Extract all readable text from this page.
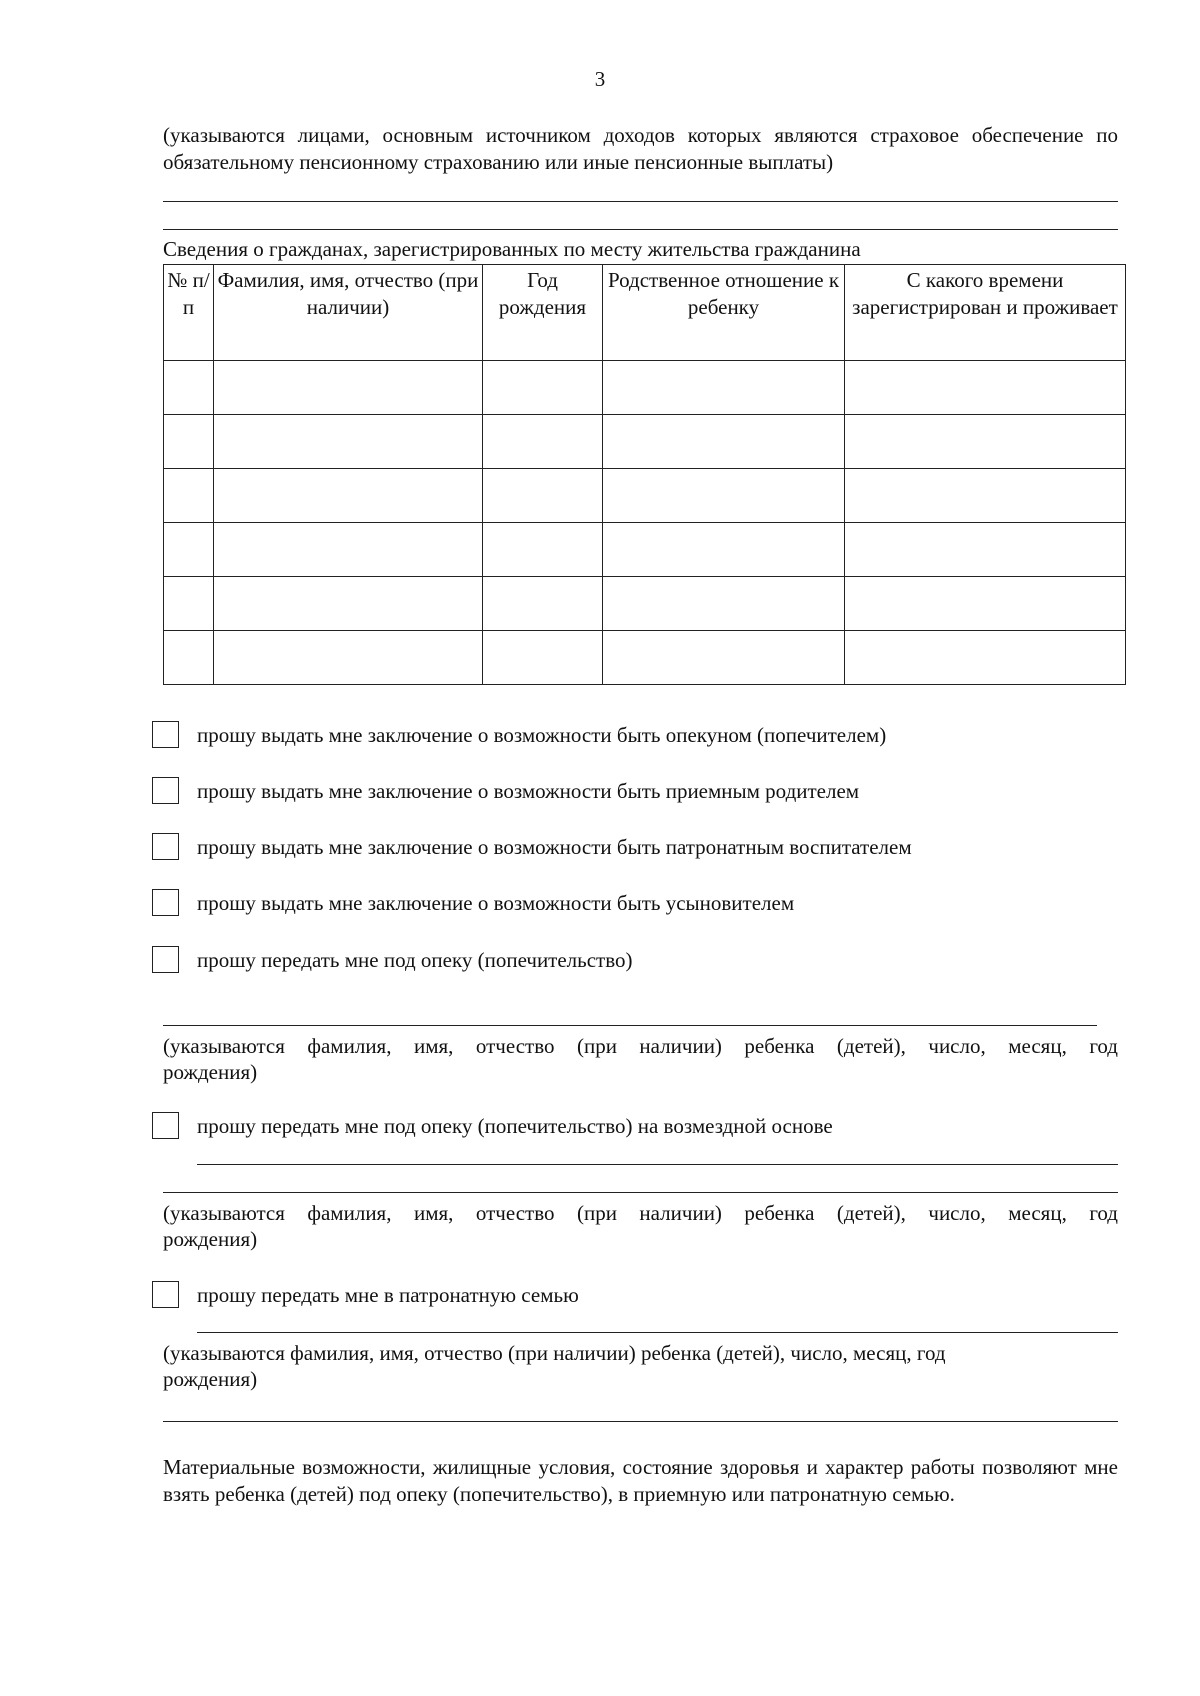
3
(указываются лицами, основным источником доходов которых являются страховое обеспечение по обязательному пенсионному страхованию или иные пенсионные выплаты)
Сведения о гражданах, зарегистрированных по месту жительства гражданина
№ п/п	Фамилия, имя, отчество (при наличии)	Год рождения	Родственное отношение к ребенку	С какого времени зарегистрирован и проживает

прошу выдать мне заключение о возможности быть опекуном (попечителем)
прошу выдать мне заключение о возможности быть приемным родителем
прошу выдать мне заключение о возможности быть патронатным воспитателем
прошу выдать мне заключение о возможности быть усыновителем
прошу передать мне под опеку (попечительство)
(указываются фамилия, имя, отчество (при наличии) ребенка (детей), число, месяц, год
рождения)
прошу передать мне под опеку (попечительство) на возмездной основе
(указываются фамилия, имя, отчество (при наличии) ребенка (детей), число, месяц, год
рождения)
прошу передать мне в патронатную семью
(указываются фамилия, имя, отчество (при наличии) ребенка (детей), число, месяц, год
рождения)
Материальные возможности, жилищные условия, состояние здоровья и характер работы позволяют мне взять ребенка (детей) под опеку (попечительство), в приемную или патронатную семью.
